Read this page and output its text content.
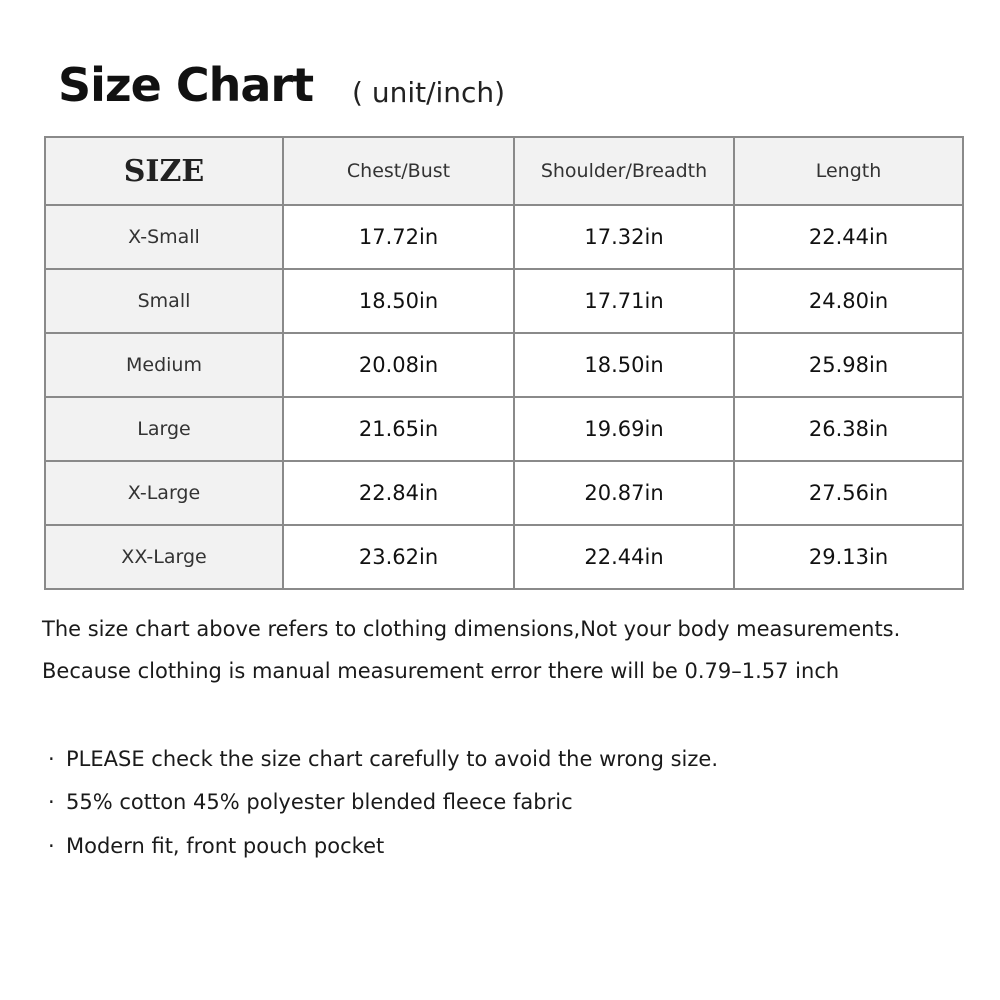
Size Chart ( unit/inch)
SIZE	Chest/Bust	Shoulder/Breadth	Length
X-Small	17.72in	17.32in	22.44in
Small	18.50in	17.71in	24.80in
Medium	20.08in	18.50in	25.98in
Large	21.65in	19.69in	26.38in
X-Large	22.84in	20.87in	27.56in
XX-Large	23.62in	22.44in	29.13in
The size chart above refers to clothing dimensions,Not your body measurements.
Because clothing is manual measurement error there will be 0.79–1.57 inch
· PLEASE check the size chart carefully to avoid the wrong size.
· 55% cotton 45% polyester blended fleece fabric
· Modern fit, front pouch pocket
